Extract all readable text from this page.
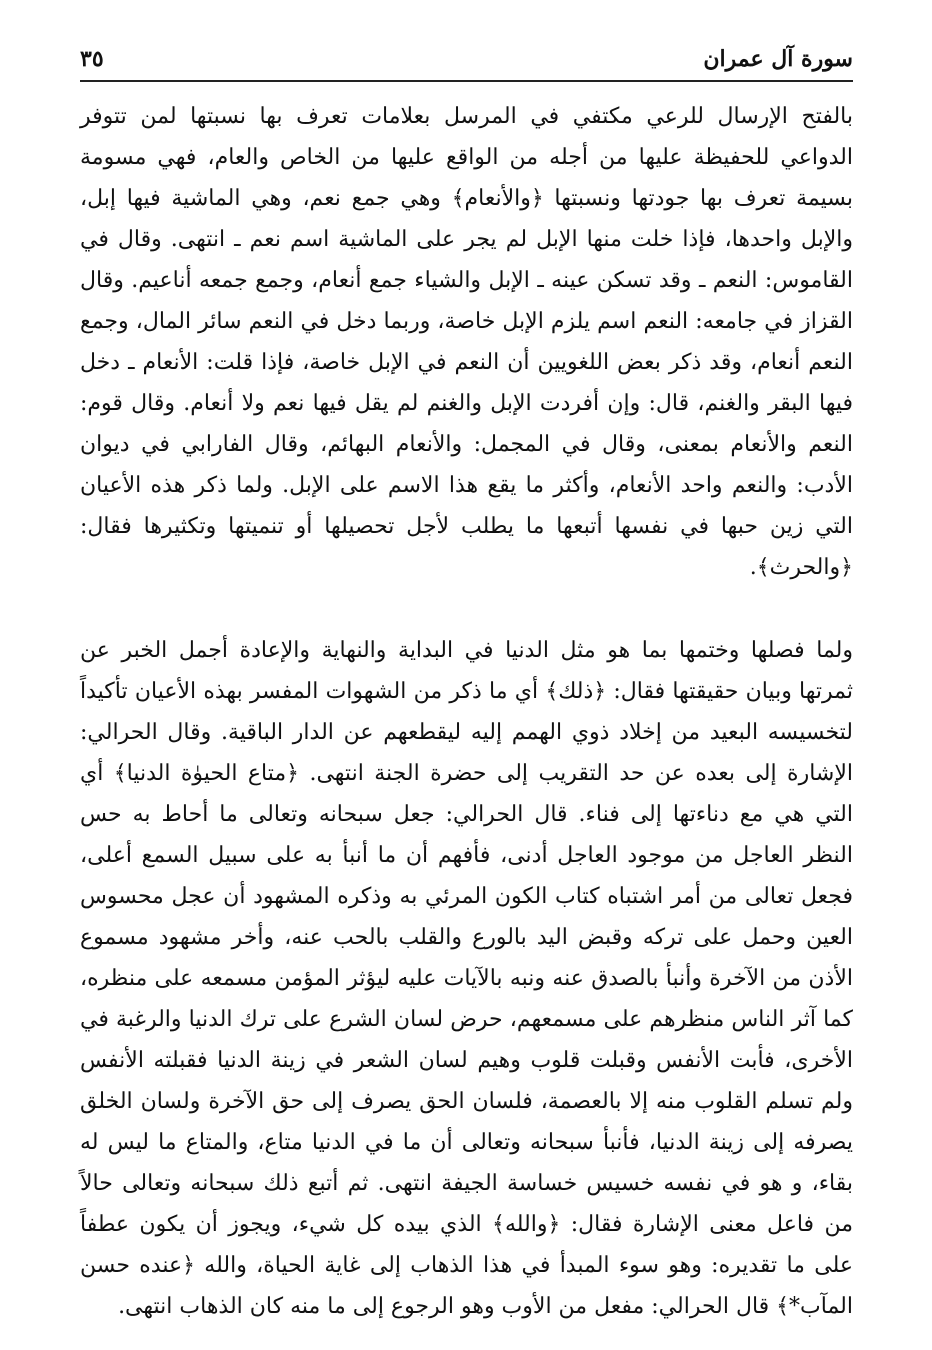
سورة آل عمران
٣٥

بالفتح الإرسال للرعي مكتفي في المرسل بعلامات تعرف بها نسبتها لمن تتوفر الدواعي للحفيظة عليها من أجله من الواقع عليها من الخاص والعام، فهي مسومة بسيمة تعرف بها جودتها ونسبتها ﴿والأنعام﴾ وهي جمع نعم، وهي الماشية فيها إبل، والإبل واحدها، فإذا خلت منها الإبل لم يجر على الماشية اسم نعم ـ انتهى. وقال في القاموس: النعم ـ وقد تسكن عينه ـ الإبل والشياء جمع أنعام، وجمع جمعه أناعيم. وقال القزاز في جامعه: النعم اسم يلزم الإبل خاصة، وربما دخل في النعم سائر المال، وجمع النعم أنعام، وقد ذكر بعض اللغويين أن النعم في الإبل خاصة، فإذا قلت: الأنعام ـ دخل فيها البقر والغنم، قال: وإن أفردت الإبل والغنم لم يقل فيها نعم ولا أنعام. وقال قوم: النعم والأنعام بمعنى، وقال في المجمل: والأنعام البهائم، وقال الفارابي في ديوان الأدب: والنعم واحد الأنعام، وأكثر ما يقع هذا الاسم على الإبل. ولما ذكر هذه الأعيان التي زين حبها في نفسها أتبعها ما يطلب لأجل تحصيلها أو تنميتها وتكثيرها فقال: ﴿والحرث﴾.

ولما فصلها وختمها بما هو مثل الدنيا في البداية والنهاية والإعادة أجمل الخبر عن ثمرتها وبيان حقيقتها فقال: ﴿ذلك﴾ أي ما ذكر من الشهوات المفسر بهذه الأعيان تأكيداً لتخسيسه البعيد من إخلاد ذوي الهمم إليه ليقطعهم عن الدار الباقية. وقال الحرالي: الإشارة إلى بعده عن حد التقريب إلى حضرة الجنة انتهى. ﴿متاع الحيوٰة الدنيا﴾ أي التي هي مع دناءتها إلى فناء. قال الحرالي: جعل سبحانه وتعالى ما أحاط به حس النظر العاجل من موجود العاجل أدنى، فأفهم أن ما أنبأ به على سبيل السمع أعلى، فجعل تعالى من أمر اشتباه كتاب الكون المرئي به وذكره المشهود أن عجل محسوس العين وحمل على تركه وقبض اليد بالورع والقلب بالحب عنه، وأخر مشهود مسموع الأذن من الآخرة وأنبأ بالصدق عنه ونبه بالآيات عليه ليؤثر المؤمن مسمعه على منظره، كما آثر الناس منظرهم على مسمعهم، حرض لسان الشرع على ترك الدنيا والرغبة في الأخرى، فأبت الأنفس وقبلت قلوب وهيم لسان الشعر في زينة الدنيا فقبلته الأنفس ولم تسلم القلوب منه إلا بالعصمة، فلسان الحق يصرف إلى حق الآخرة ولسان الخلق يصرفه إلى زينة الدنيا، فأنبأ سبحانه وتعالى أن ما في الدنيا متاع، والمتاع ما ليس له بقاء، و هو في نفسه خسيس خساسة الجيفة انتهى. ثم أتبع ذلك سبحانه وتعالى حالاً من فاعل معنى الإشارة فقال: ﴿والله﴾ الذي بيده كل شيء، ويجوز أن يكون عطفاً على ما تقديره: وهو سوء المبدأ في هذا الذهاب إلى غاية الحياة، والله ﴿عنده حسن المآب*﴾ قال الحرالي: مفعل من الأوب وهو الرجوع إلى ما منه كان الذهاب انتهى.
